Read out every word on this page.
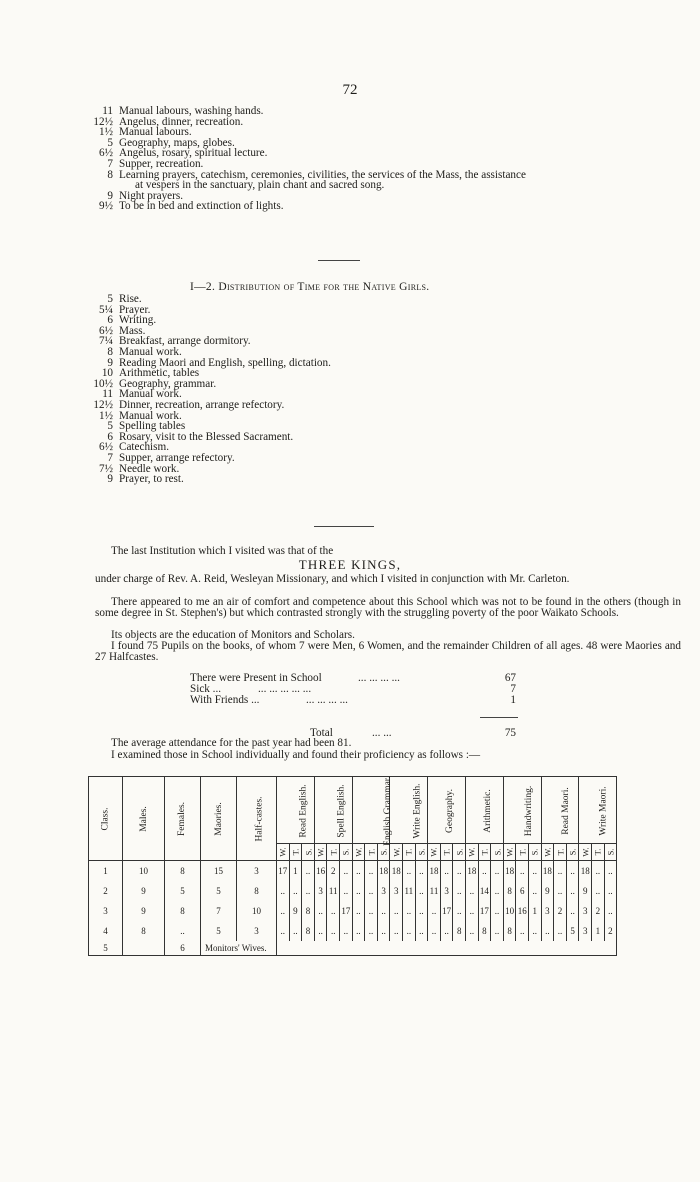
72
11 Manual labours, washing hands.
12½ Angelus, dinner, recreation.
1½ Manual labours.
5 Geography, maps, globes.
6½ Angelus, rosary, spiritual lecture.
7 Supper, recreation.
8 Learning prayers, catechism, ceremonies, civilities, the services of the Mass, the assistance
at vespers in the sanctuary, plain chant and sacred song.
9 Night prayers.
9½ To be in bed and extinction of lights.
I—2. Distribution of Time for the Native Girls.
5 Rise.
5¼ Prayer.
6 Writing.
6½ Mass.
7¼ Breakfast, arrange dormitory.
8 Manual work.
9 Reading Maori and English, spelling, dictation.
10 Arithmetic, tables
10½ Geography, grammar.
11 Manual work.
12½ Dinner, recreation, arrange refectory.
1½ Manual work.
5 Spelling tables
6 Rosary, visit to the Blessed Sacrament.
6½ Catechism.
7 Supper, arrange refectory.
7½ Needle work.
9 Prayer, to rest.
The last Institution which I visited was that of the
THREE KINGS,
under charge of Rev. A. Reid, Wesleyan Missionary, and which I visited in conjunction with Mr. Carleton.
There appeared to me an air of comfort and competence about this School which was not to be found in the others (though in some degree in St. Stephen's) but which contrasted strongly with the struggling poverty of the poor Waikato Schools.
Its objects are the education of Monitors and Scholars.
I found 75 Pupils on the books, of whom 7 were Men, 6 Women, and the remainder Children of all ages. 48 were Maories and 27 Halfcastes.
There were Present in School	... ... ... ...	67
Sick ...	... ... ... ... ...	7
With Friends ...	... ... ... ...	1
Total	... ...	75
The average attendance for the past year had been 81.
I examined those in School individually and found their proficiency as follows :—
Class.	Males.	Females.	Maories.	Half-castes.	Read English.			Spell English.			English Grammar.			Write English.			Geography.			Arithmetic.			Handwriting.			Read Maori.			Write Maori.		
					W.	T.	S.	W.	T.	S.	W.	T.	S.	W.	T.	S.	W.	T.	S.	W.	T.	S.	W.	T.	S.	W.	T.	S.	W.	T.	S.
1	10	8	15	3	17	1	..	16	2	..	..	..	18	18	..	..	18	..	..	18	..	..	18	..	..	18	..	..	18	..	..
2	9	5	5	8	..	..	..	3	11	..	..	..	3	3	11	..	11	3	..	..	14	..	8	6	..	9	..	..	9	..	..
3	9	8	7	10	..	9	8	..	..	17	..	..	..	..	..	..	..	17	..	..	17	..	10	16	1	3	2	..	3	2	..
4	8	..	5	3	..	..	8	..	..	..	..	..	..	..	..	..	..	..	8	..	8	..	8	..	..	..	..	5	3	1	2
5		6	Monitors' Wives.																												
